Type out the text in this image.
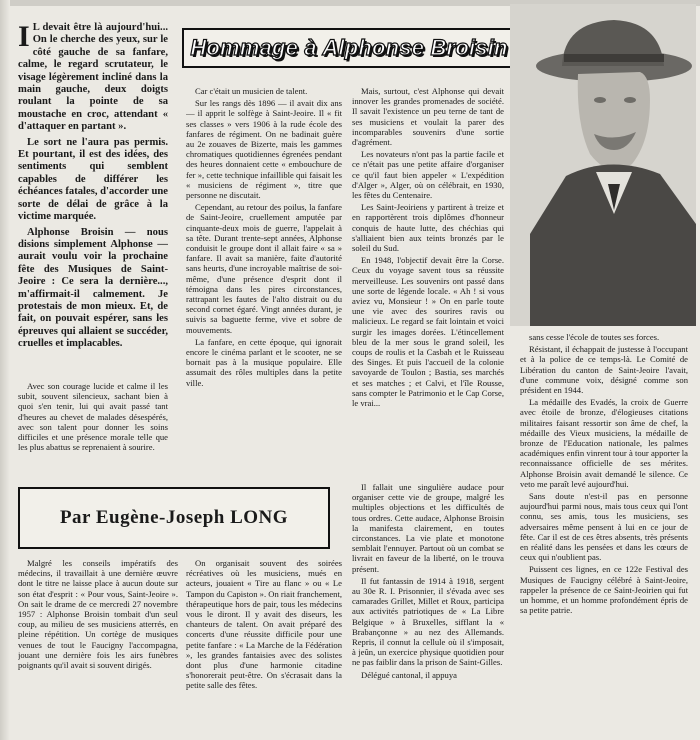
I L devait être là aujourd'hui... On le cherche des yeux, sur le côté gauche de sa fanfare, calme, le regard scrutateur, le visage légèrement incliné dans la main gauche, deux doigts roulant la pointe de sa moustache en croc, attendant « d'attaquer en partant ».

Le sort ne l'aura pas permis. Et pourtant, il est des idées, des sentiments qui semblent capables de différer les échéances fatales, d'accorder une sorte de délai de grâce à la victime marquée.

Alphonse Broisin — nous disions simplement Alphonse — aurait voulu voir la prochaine fête des Musiques de Saint-Jeoire : Ce sera la dernière..., m'affirmait-il calmement. Je protestais de mon mieux. Et, de fait, on pouvait espérer, sans les épreuves qui allaient se succéder, cruelles et implacables.

Avec son courage lucide et calme il les subit, souvent silencieux, sachant bien à quoi s'en tenir, lui qui avait passé tant d'heures au chevet de malades désespérés, avec son talent pour donner les soins difficiles et une présence morale telle que les plus abattus se reprenaient à sourire.

Hommage à Alphonse Broisin

Car c'était un musicien de talent.

Sur les rangs dès 1896 — il avait dix ans — il apprit le solfège à Saint-Jeoire. Il « fit ses classes » vers 1906 à la rude école des fanfares de régiment. On ne badinait guère au 2e zouaves de Bizerte, mais les gammes chromatiques quotidiennes égrenées pendant des heures donnaient cette « embouchure de fer », cette technique infaillible qui faisait les « musiciens de régiment », titre que personne ne discutait.

Cependant, au retour des poilus, la fanfare de Saint-Jeoire, cruellement amputée par cinquante-deux mois de guerre, l'appelait à sa tête. Durant trente-sept années, Alphonse conduisit le groupe dont il allait faire « sa » fanfare. Il avait sa manière, faite d'autorité sans heurts, d'une incroyable maîtrise de soi-même, d'une présence d'esprit dont il témoigna dans les pires circonstances, rattrapant les fautes de l'alto distrait ou du second cornet égaré. Vingt années durant, je suivis sa baguette ferme, vive et sobre de mouvements.

La fanfare, en cette époque, qui ignorait encore le cinéma parlant et le scooter, ne se bornait pas à la musique populaire. Elle assumait des rôles multiples dans la petite ville.

Mais, surtout, c'est Alphonse qui devait innover les grandes promenades de société. Il savait l'existence un peu terne de tant de ses musiciens et voulait la parer des incomparables souvenirs d'une sortie d'agrément.

Les novateurs n'ont pas la partie facile et ce n'était pas une petite affaire d'organiser ce qu'il faut bien appeler « L'expédition d'Alger », Alger, où on célébrait, en 1930, les fêtes du Centenaire.

Les Saint-Jeoiriens y partirent à treize et en rapportèrent trois diplômes d'honneur conquis de haute lutte, des chéchias qui s'alliaient bien aux teints bronzés par le soleil du Sud.

En 1948, l'objectif devait être la Corse. Ceux du voyage savent tous sa réussite merveilleuse. Les souvenirs ont passé dans une sorte de légende locale. « Ah ! si vous aviez vu, Monsieur ! » On en parle toute une vie avec des sourires ravis ou malicieux. Le regard se fait lointain et voici surgir les images dorées. L'étincellement bleu de la mer sous le grand soleil, les coups de roulis et la Casbah et le Ruisseau des Singes. Et puis l'accueil de la colonie savoyarde de Toulon ; Bastia, ses marchés et ses matches ; et Calvi, et l'île Rousse, sans compter le Patrimonio et le Cap Corse, le vrai...

Il fallait une singulière audace pour organiser cette vie de groupe, malgré les multiples objections et les difficultés de tous ordres. Cette audace, Alphonse Broisin la manifesta clairement, en toutes circonstances. La vie plate et monotone semblait l'ennuyer. Partout où un combat se livrait en faveur de la liberté, on le trouva présent.

Il fut fantassin de 1914 à 1918, sergent au 30e R. I. Prisonnier, il s'évada avec ses camarades Grillet, Millet et Roux, participa aux activités patriotiques de « La Libre Belgique » à Bruxelles, sifflant la « Brabançonne » au nez des Allemands. Repris, il connut la cellule où il s'imposait, à jeûn, un exercice physique quotidien pour ne pas faiblir dans la prison de Saint-Gilles.

Délégué cantonal, il appuya

sans cesse l'école de toutes ses forces.

Résistant, il échappait de justesse à l'occupant et à la police de ce temps-là. Le Comité de Libération du canton de Saint-Jeoire l'avait, d'une commune voix, désigné comme son président en 1944.

La médaille des Evadés, la croix de Guerre avec étoile de bronze, d'élogieuses citations militaires faisant ressortir son âme de chef, la médaille des Vieux musiciens, la médaille de bronze de l'Education nationale, les palmes académiques enfin vinrent tour à tour apporter la reconnaissance officielle de ses mérites. Alphonse Broisin avait demandé le silence. Ce veto me paraît levé aujourd'hui.

Sans doute n'est-il pas en personne aujourd'hui parmi nous, mais tous ceux qui l'ont connu, ses amis, tous les musiciens, ses adversaires même pensent à lui en ce jour de fête. Car il est de ces êtres absents, très présents en réalité dans les pensées et dans les cœurs de ceux qui n'oublient pas.

Puissent ces lignes, en ce 122e Festival des Musiques de Faucigny célébré à Saint-Jeoire, rappeler la présence de ce Saint-Jeoirien qui fut un homme, et un homme profondément épris de sa petite patrie.

Par Eugène-Joseph LONG

Malgré les conseils impératifs des médecins, il travaillait à une dernière œuvre dont le titre ne laisse place à aucun doute sur son état d'esprit : « Pour vous, Saint-Jeoire ». On sait le drame de ce mercredi 27 novembre 1957 : Alphonse Broisin tombait d'un seul coup, au milieu de ses musiciens atterrés, en pleine répétition. Un cortège de musiques venues de tout le Faucigny l'accompagna, jouant une dernière fois les airs funèbres poignants qu'il avait si souvent dirigés.

On organisait souvent des soirées récréatives où les musiciens, mués en acteurs, jouaient « Tire au flanc » ou « Le Tampon du Capiston ». On riait franchement, thérapeutique hors de pair, tous les médecins vous le diront. Il y avait des diseurs, les chanteurs de talent. On avait préparé des concerts d'une réussite difficile pour une petite fanfare : « La Marche de la Fédération », les grandes fantaisies avec des solistes dont plus d'une harmonie citadine s'honorerait peut-être. On s'écrasait dans la petite salle des fêtes.
